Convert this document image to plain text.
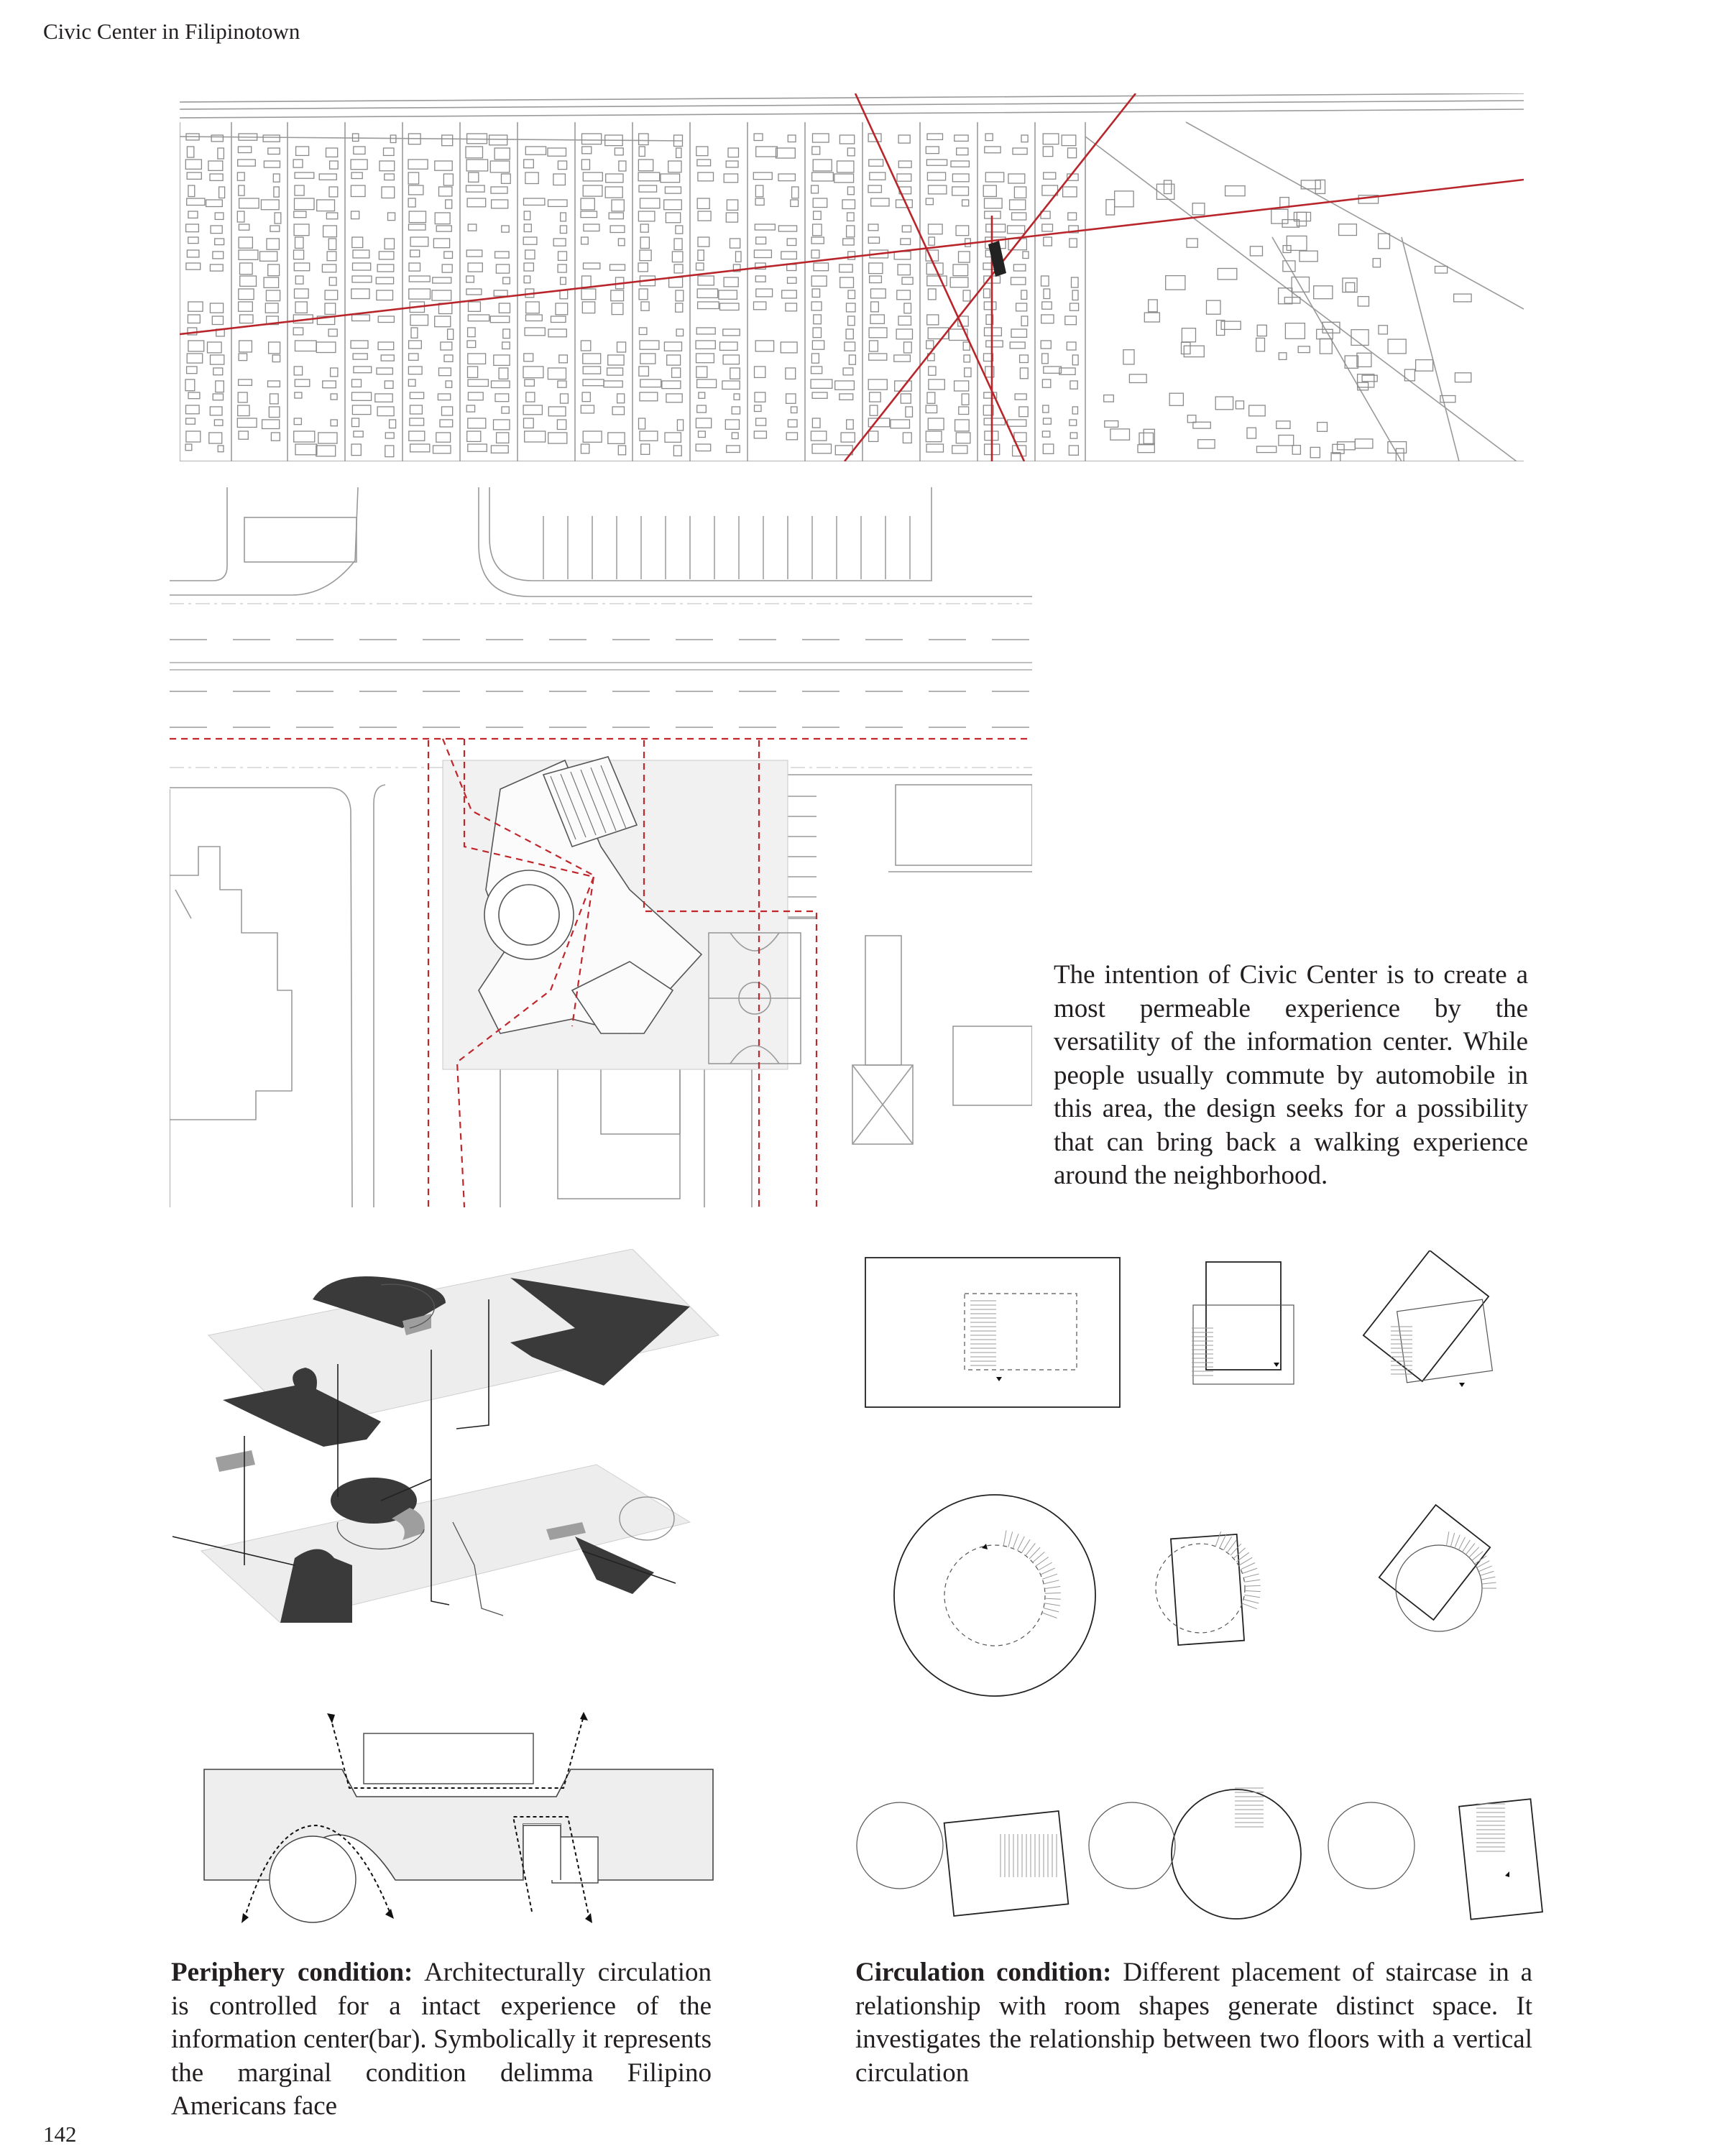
Civic Center in Filipinotown
The intention of Civic Center is to create a most permeable experience by the versatility of the information center. While people usually commute by automobile in this area, the design seeks for a possibility that can bring back a walking experience around the neighborhood.
Periphery condition: Architecturally circulation is controlled for a intact experience of the information center(bar). Symbolically it represents the marginal condition delimma Filipino Americans face
Circulation condition: Different placement of staircase in a relationship with room shapes generate distinct space. It investigates the relationship between two floors with a vertical circulation
142
